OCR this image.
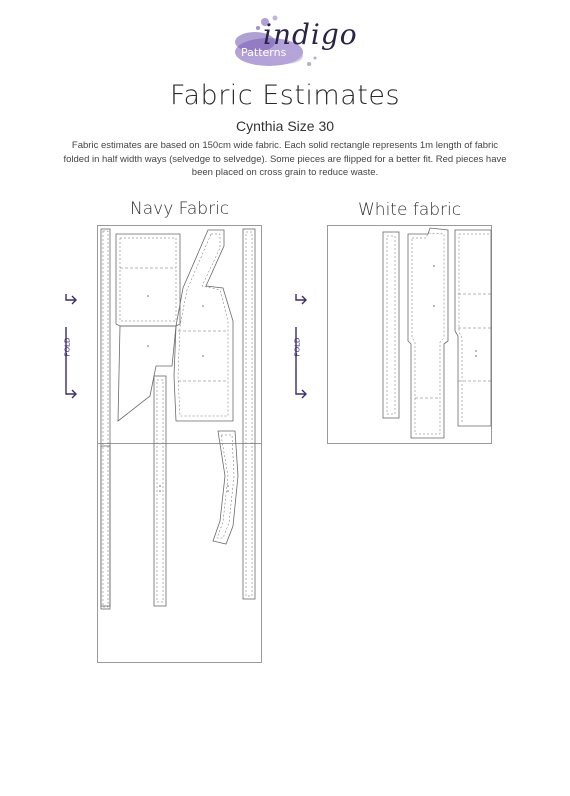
indigo
Patterns
Fabric Estimates
Cynthia Size 30
Fabric estimates are based on 150cm wide fabric. Each solid rectangle represents 1m length of fabric folded in half width ways (selvedge to selvedge). Some pieces are flipped for a better fit. Red pieces have been placed on cross grain to reduce waste.
Navy Fabric
FOLD
White fabric
FOLD
